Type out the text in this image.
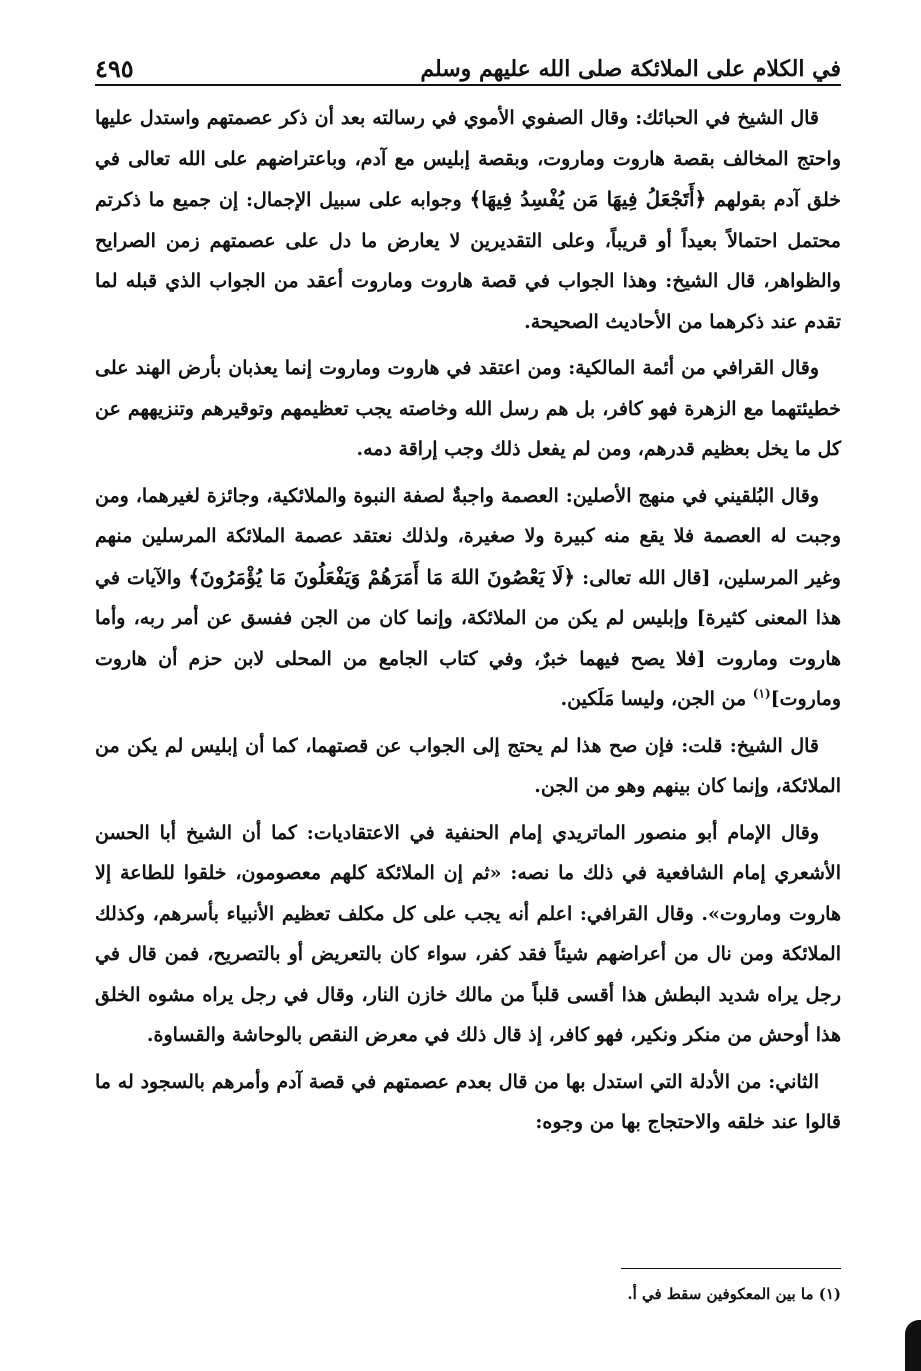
في الكلام على الملائكة صلى الله عليهم وسلم
٤٩٥

قال الشيخ في الحبائك: وقال الصفوي الأموي في رسالته بعد أن ذكر عصمتهم واستدل عليها واحتج المخالف بقصة هاروت وماروت، وبقصة إبليس مع آدم، وباعتراضهم على الله تعالى في خلق آدم بقولهم ﴿أَتَجْعَلُ فِيهَا مَن يُفْسِدُ فِيهَا﴾ وجوابه على سبيل الإجمال: إن جميع ما ذكرتم محتمل احتمالاً بعيداً أو قريباً، وعلى التقديرين لا يعارض ما دل على عصمتهم زمن الصرايح والظواهر، قال الشيخ: وهذا الجواب في قصة هاروت وماروت أعقد من الجواب الذي قبله لما تقدم عند ذكرهما من الأحاديث الصحيحة.

وقال القرافي من أئمة المالكية: ومن اعتقد في هاروت وماروت إنما يعذبان بأرض الهند على خطيئتهما مع الزهرة فهو كافر، بل هم رسل الله وخاصته يجب تعظيمهم وتوقيرهم وتنزيههم عن كل ما يخل بعظيم قدرهم، ومن لم يفعل ذلك وجب إراقة دمه.

وقال البُلقيني في منهج الأصلين: العصمة واجبةٌ لصفة النبوة والملائكية، وجائزة لغيرهما، ومن وجبت له العصمة فلا يقع منه كبيرة ولا صغيرة، ولذلك نعتقد عصمة الملائكة المرسلين منهم وغير المرسلين، [قال الله تعالى: ﴿لَا يَعْصُونَ اللهَ مَا أَمَرَهُمْ وَيَفْعَلُونَ مَا يُؤْمَرُونَ﴾ والآيات في هذا المعنى كثيرة] وإبليس لم يكن من الملائكة، وإنما كان من الجن ففسق عن أمر ربه، وأما هاروت وماروت [فلا يصح فيهما خبرٌ، وفي كتاب الجامع من المحلى لابن حزم أن هاروت وماروت]$^{(١)}$ من الجن، وليسا مَلَكين.

قال الشيخ: قلت: فإن صح هذا لم يحتج إلى الجواب عن قصتهما، كما أن إبليس لم يكن من الملائكة، وإنما كان بينهم وهو من الجن.

وقال الإمام أبو منصور الماتريدي إمام الحنفية في الاعتقاديات: كما أن الشيخ أبا الحسن الأشعري إمام الشافعية في ذلك ما نصه: «ثم إن الملائكة كلهم معصومون، خلقوا للطاعة إلا هاروت وماروت». وقال القرافي: اعلم أنه يجب على كل مكلف تعظيم الأنبياء بأسرهم، وكذلك الملائكة ومن نال من أعراضهم شيئاً فقد كفر، سواء كان بالتعريض أو بالتصريح، فمن قال في رجل يراه شديد البطش هذا أقسى قلباً من مالك خازن النار، وقال في رجل يراه مشوه الخلق هذا أوحش من منكر ونكير، فهو كافر، إذ قال ذلك في معرض النقص بالوحاشة والقساوة.

الثاني: من الأدلة التي استدل بها من قال بعدم عصمتهم في قصة آدم وأمرهم بالسجود له ما قالوا عند خلقه والاحتجاج بها من وجوه:

(١) ما بين المعكوفين سقط في أ.
